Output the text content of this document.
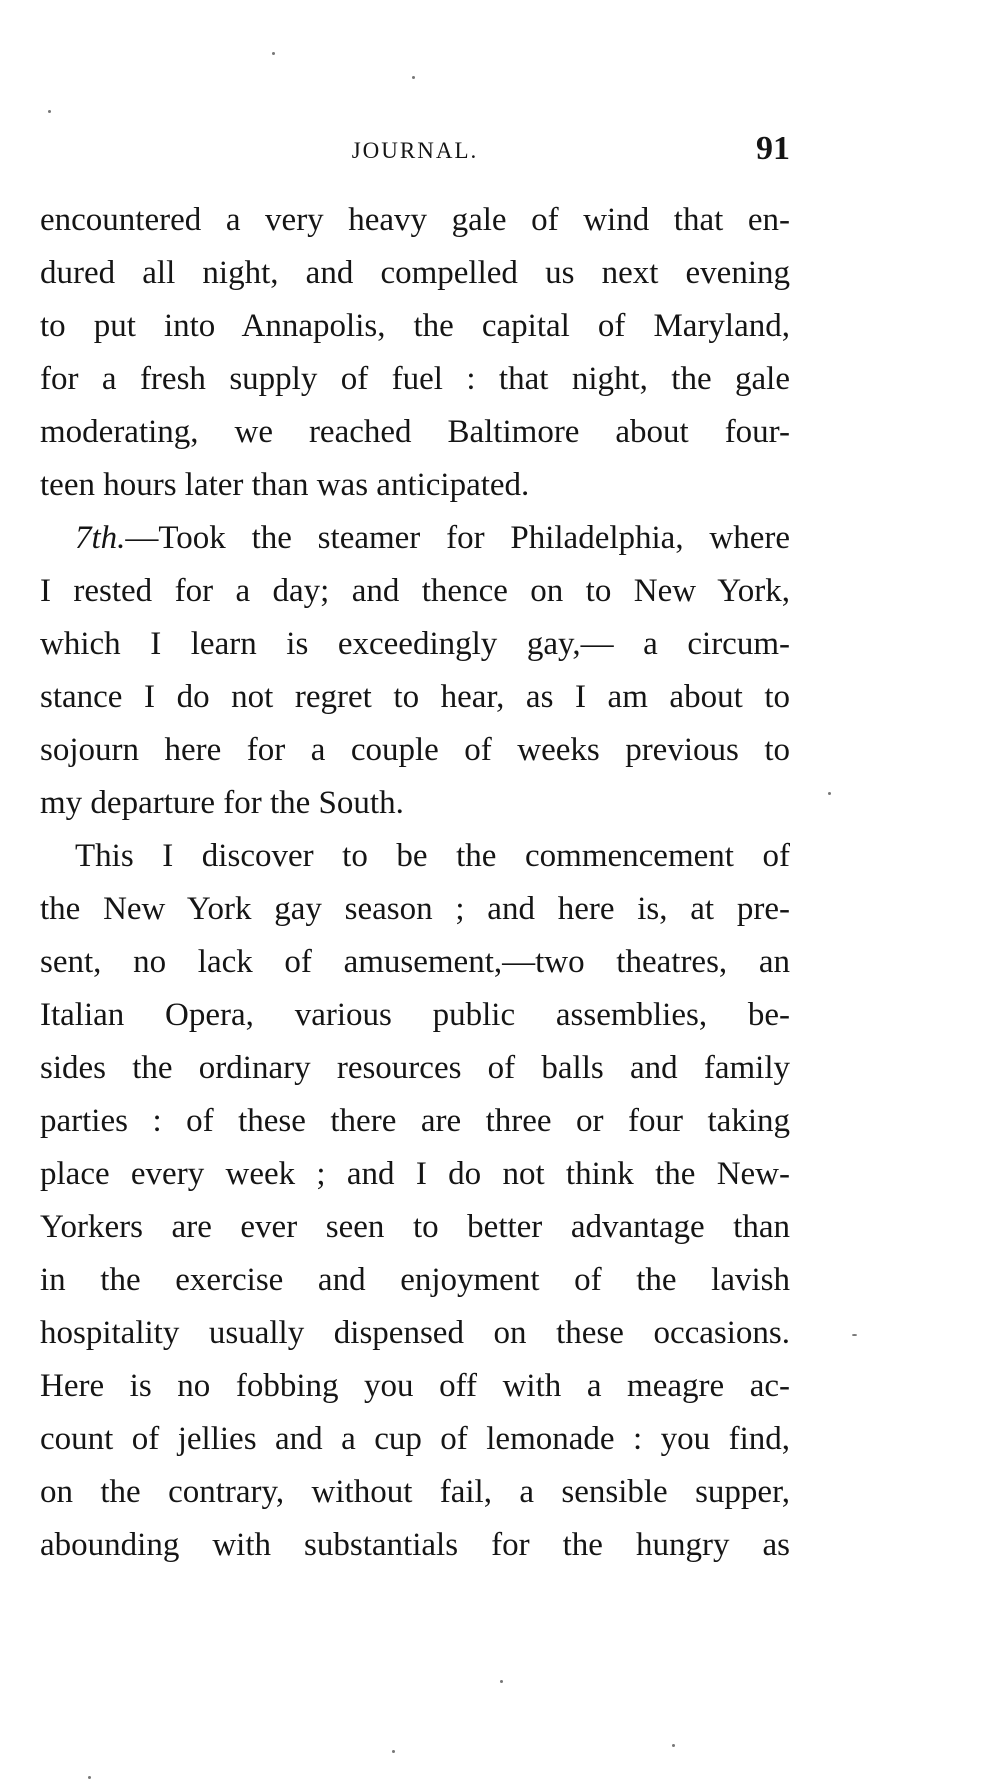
JOURNAL.	91
encountered a very heavy gale of wind that en-
dured all night, and compelled us next evening
to put into Annapolis, the capital of Maryland,
for a fresh supply of fuel : that night, the gale
moderating, we reached Baltimore about four-
teen hours later than was anticipated.
7th.—Took the steamer for Philadelphia, where
I rested for a day; and thence on to New York,
which I learn is exceedingly gay,— a circum-
stance I do not regret to hear, as I am about to
sojourn here for a couple of weeks previous to
my departure for the South.
This I discover to be the commencement of
the New York gay season ; and here is, at pre-
sent, no lack of amusement,—two theatres, an
Italian Opera, various public assemblies, be-
sides the ordinary resources of balls and family
parties : of these there are three or four taking
place every week ; and I do not think the New-
Yorkers are ever seen to better advantage than
in the exercise and enjoyment of the lavish
hospitality usually dispensed on these occasions.
Here is no fobbing you off with a meagre ac-
count of jellies and a cup of lemonade : you find,
on the contrary, without fail, a sensible supper,
abounding with substantials for the hungry as
